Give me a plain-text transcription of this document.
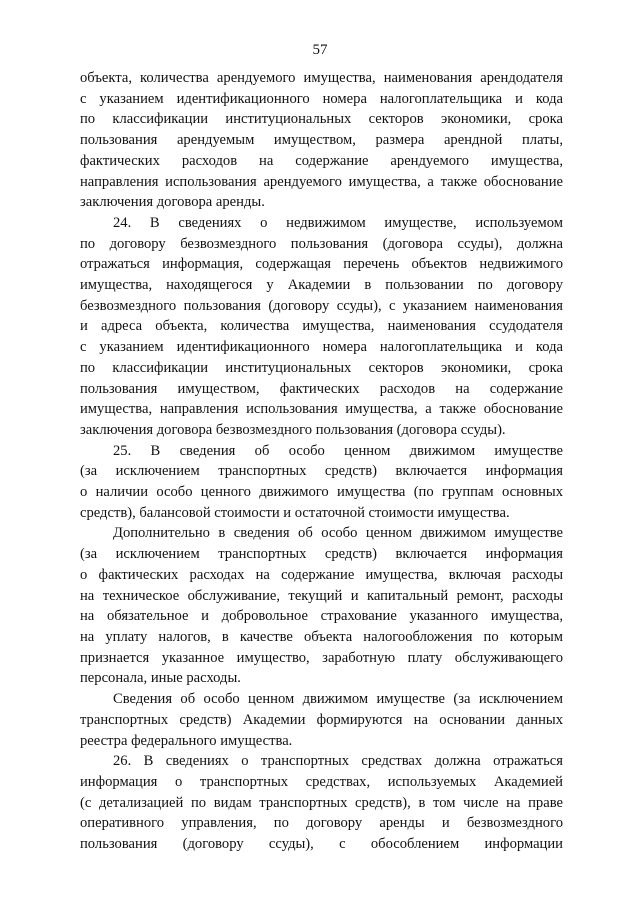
57
объекта, количества арендуемого имущества, наименования арендодателя
с указанием идентификационного номера налогоплательщика и кода
по классификации институциональных секторов экономики, срока
пользования арендуемым имуществом, размера арендной платы,
фактических расходов на содержание арендуемого имущества,
направления использования арендуемого имущества, а также обоснование
заключения договора аренды.
24. В сведениях о недвижимом имуществе, используемом
по договору безвозмездного пользования (договора ссуды), должна
отражаться информация, содержащая перечень объектов недвижимого
имущества, находящегося у Академии в пользовании по договору
безвозмездного пользования (договору ссуды), с указанием наименования
и адреса объекта, количества имущества, наименования ссудодателя
с указанием идентификационного номера налогоплательщика и кода
по классификации институциональных секторов экономики, срока
пользования имуществом, фактических расходов на содержание
имущества, направления использования имущества, а также обоснование
заключения договора безвозмездного пользования (договора ссуды).
25. В сведения об особо ценном движимом имуществе
(за исключением транспортных средств) включается информация
о наличии особо ценного движимого имущества (по группам основных
средств), балансовой стоимости и остаточной стоимости имущества.
Дополнительно в сведения об особо ценном движимом имуществе
(за исключением транспортных средств) включается информация
о фактических расходах на содержание имущества, включая расходы
на техническое обслуживание, текущий и капитальный ремонт, расходы
на обязательное и добровольное страхование указанного имущества,
на уплату налогов, в качестве объекта налогообложения по которым
признается указанное имущество, заработную плату обслуживающего
персонала, иные расходы.
Сведения об особо ценном движимом имуществе (за исключением
транспортных средств) Академии формируются на основании данных
реестра федерального имущества.
26. В сведениях о транспортных средствах должна отражаться
информация о транспортных средствах, используемых Академией
(с детализацией по видам транспортных средств), в том числе на праве
оперативного управления, по договору аренды и безвозмездного
пользования (договору ссуды), с обособлением информации
